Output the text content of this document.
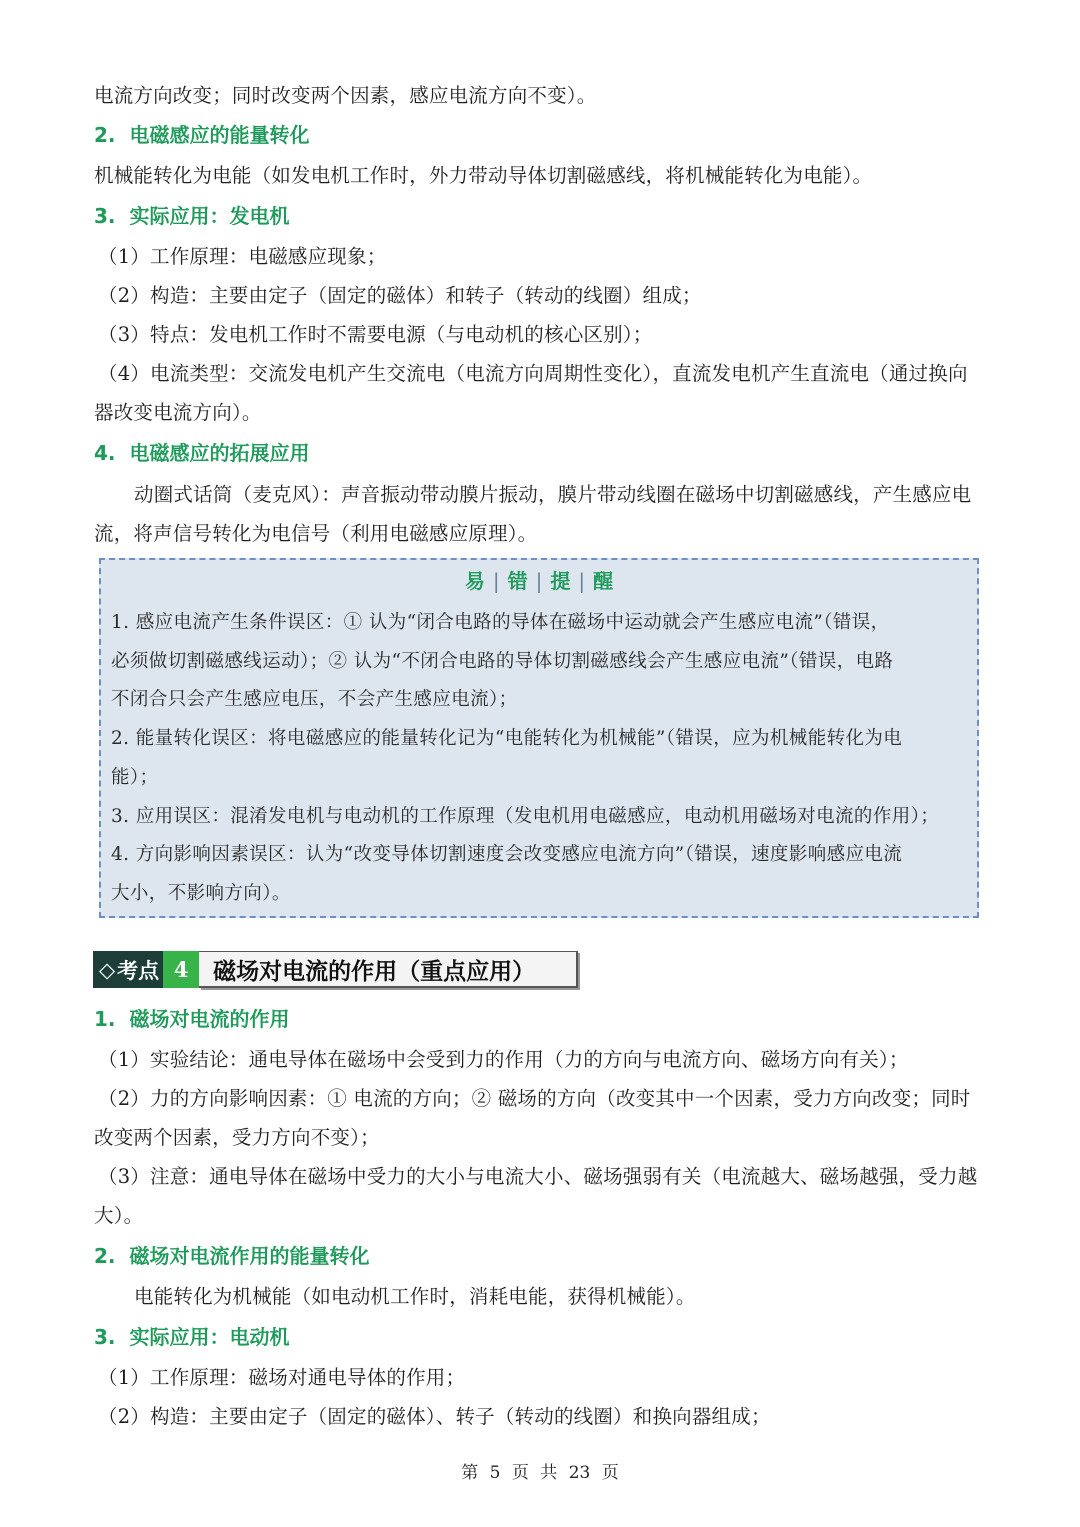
电流方向改变；同时改变两个因素，感应电流方向不变）。
2. 电磁感应的能量转化
机械能转化为电能（如发电机工作时，外力带动导体切割磁感线，将机械能转化为电能）。
3. 实际应用：发电机
（1）工作原理：电磁感应现象；
（2）构造：主要由定子（固定的磁体）和转子（转动的线圈）组成；
（3）特点：发电机工作时不需要电源（与电动机的核心区别）；
（4）电流类型：交流发电机产生交流电（电流方向周期性变化），直流发电机产生直流电（通过换向
器改变电流方向）。
4. 电磁感应的拓展应用
动圈式话筒（麦克风）：声音振动带动膜片振动，膜片带动线圈在磁场中切割磁感线，产生感应电
流，将声信号转化为电信号（利用电磁感应原理）。
易 | 错 | 提 | 醒
1. 感应电流产生条件误区：① 认为“闭合电路的导体在磁场中运动就会产生感应电流”（错误，
必须做切割磁感线运动）；② 认为“不闭合电路的导体切割磁感线会产生感应电流”（错误，电路
不闭合只会产生感应电压，不会产生感应电流）；
2. 能量转化误区：将电磁感应的能量转化记为“电能转化为机械能”（错误，应为机械能转化为电
能）；
3. 应用误区：混淆发电机与电动机的工作原理（发电机用电磁感应，电动机用磁场对电流的作用）；
4. 方向影响因素误区：认为“改变导体切割速度会改变感应电流方向”（错误，速度影响感应电流
大小，不影响方向）。
◇ 考点 4	磁场对电流的作用（重点应用）
1. 磁场对电流的作用
（1）实验结论：通电导体在磁场中会受到力的作用（力的方向与电流方向、磁场方向有关）；
（2）力的方向影响因素：① 电流的方向；② 磁场的方向（改变其中一个因素，受力方向改变；同时
改变两个因素，受力方向不变）；
（3）注意：通电导体在磁场中受力的大小与电流大小、磁场强弱有关（电流越大、磁场越强，受力越
大）。
2. 磁场对电流作用的能量转化
电能转化为机械能（如电动机工作时，消耗电能，获得机械能）。
3. 实际应用：电动机
（1）工作原理：磁场对通电导体的作用；
（2）构造：主要由定子（固定的磁体）、转子（转动的线圈）和换向器组成；
第 5 页 共 23 页
